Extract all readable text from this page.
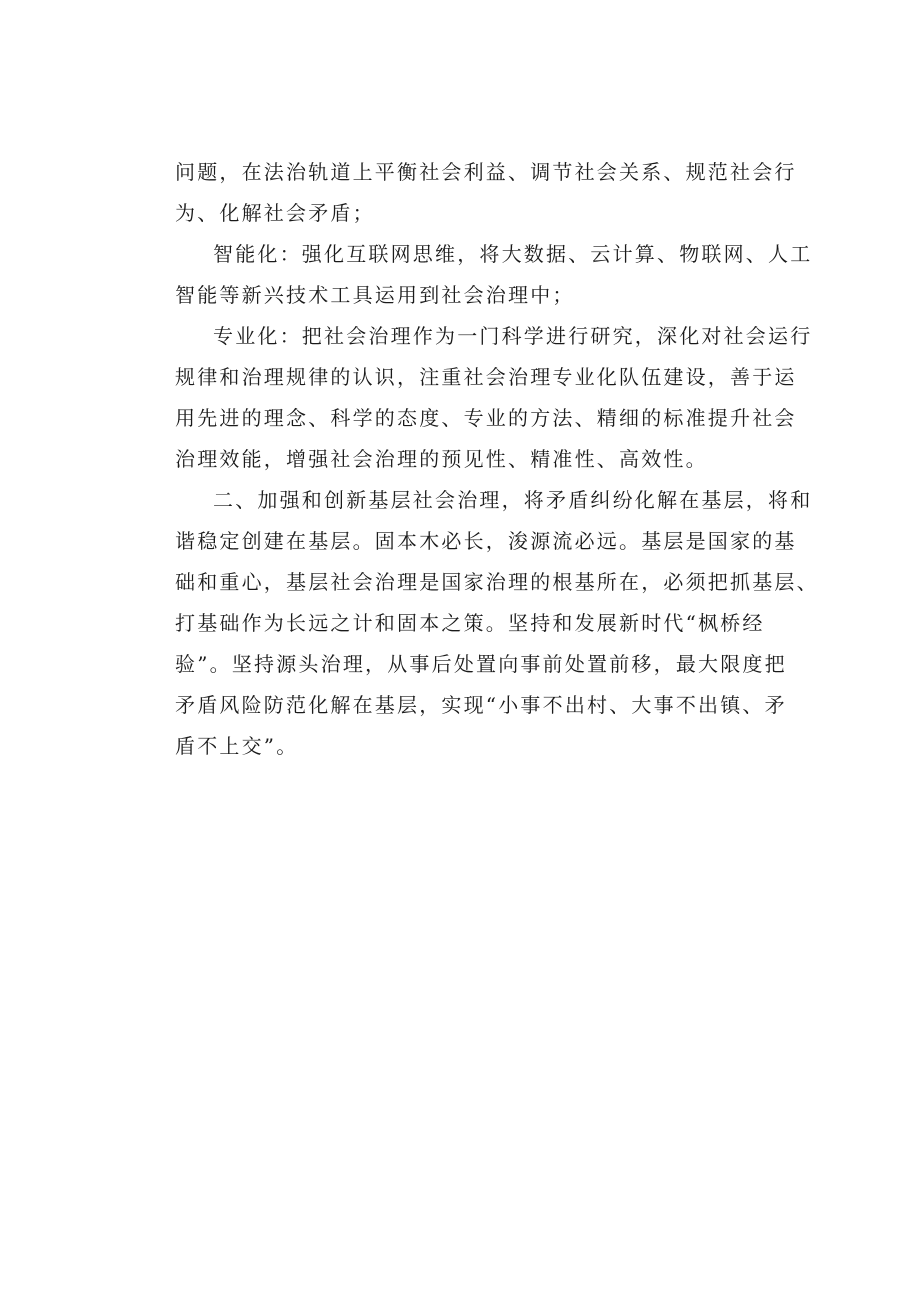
问题，在法治轨道上平衡社会利益、调节社会关系、规范社会行
为、化解社会矛盾；
智能化：强化互联网思维，将大数据、云计算、物联网、人工
智能等新兴技术工具运用到社会治理中；
专业化：把社会治理作为一门科学进行研究，深化对社会运行
规律和治理规律的认识，注重社会治理专业化队伍建设，善于运
用先进的理念、科学的态度、专业的方法、精细的标准提升社会
治理效能，增强社会治理的预见性、精准性、高效性。
二、加强和创新基层社会治理，将矛盾纠纷化解在基层，将和
谐稳定创建在基层。固本木必长，浚源流必远。基层是国家的基
础和重心，基层社会治理是国家治理的根基所在，必须把抓基层、
打基础作为长远之计和固本之策。坚持和发展新时代“枫桥经
验”。坚持源头治理，从事后处置向事前处置前移，最大限度把
矛盾风险防范化解在基层，实现“小事不出村、大事不出镇、矛
盾不上交”。
